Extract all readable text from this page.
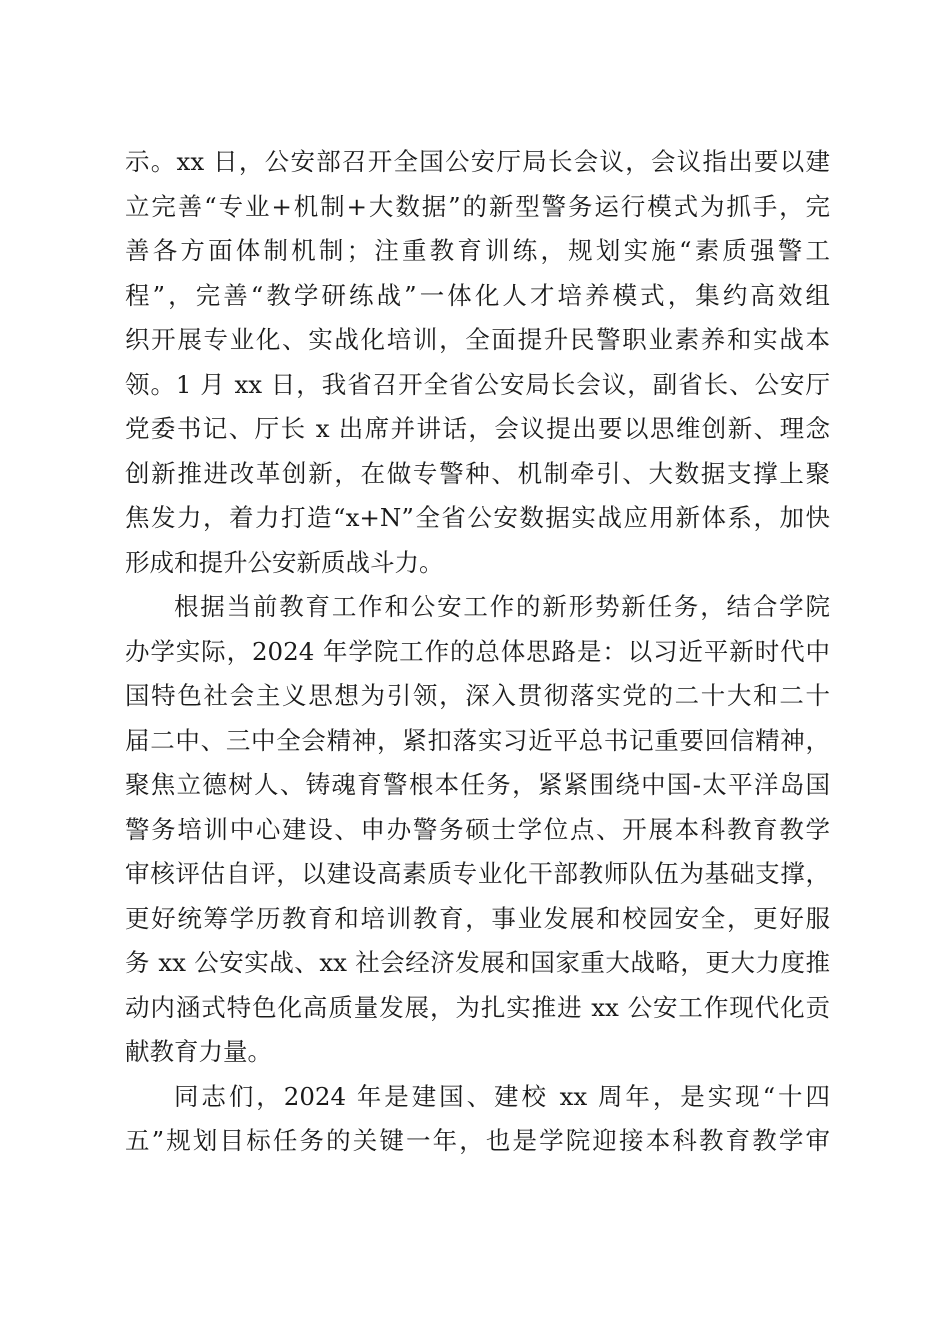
示。xx 日，公安部召开全国公安厅局长会议，会议指出要以建
立完善“专业+机制+大数据”的新型警务运行模式为抓手，完
善各方面体制机制；注重教育训练，规划实施“素质强警工
程”，完善“教学研练战”一体化人才培养模式，集约高效组
织开展专业化、实战化培训，全面提升民警职业素养和实战本
领。1 月 xx 日，我省召开全省公安局长会议，副省长、公安厅
党委书记、厅长 x 出席并讲话，会议提出要以思维创新、理念
创新推进改革创新，在做专警种、机制牵引、大数据支撑上聚
焦发力，着力打造“x+N”全省公安数据实战应用新体系，加快
形成和提升公安新质战斗力。
根据当前教育工作和公安工作的新形势新任务，结合学院
办学实际，2024 年学院工作的总体思路是：以习近平新时代中
国特色社会主义思想为引领，深入贯彻落实党的二十大和二十
届二中、三中全会精神，紧扣落实习近平总书记重要回信精神，
聚焦立德树人、铸魂育警根本任务，紧紧围绕中国-太平洋岛国
警务培训中心建设、申办警务硕士学位点、开展本科教育教学
审核评估自评，以建设高素质专业化干部教师队伍为基础支撑，
更好统筹学历教育和培训教育，事业发展和校园安全，更好服
务 xx 公安实战、xx 社会经济发展和国家重大战略，更大力度推
动内涵式特色化高质量发展，为扎实推进 xx 公安工作现代化贡
献教育力量。
同志们，2024 年是建国、建校 xx 周年，是实现“十四
五”规划目标任务的关键一年，也是学院迎接本科教育教学审
